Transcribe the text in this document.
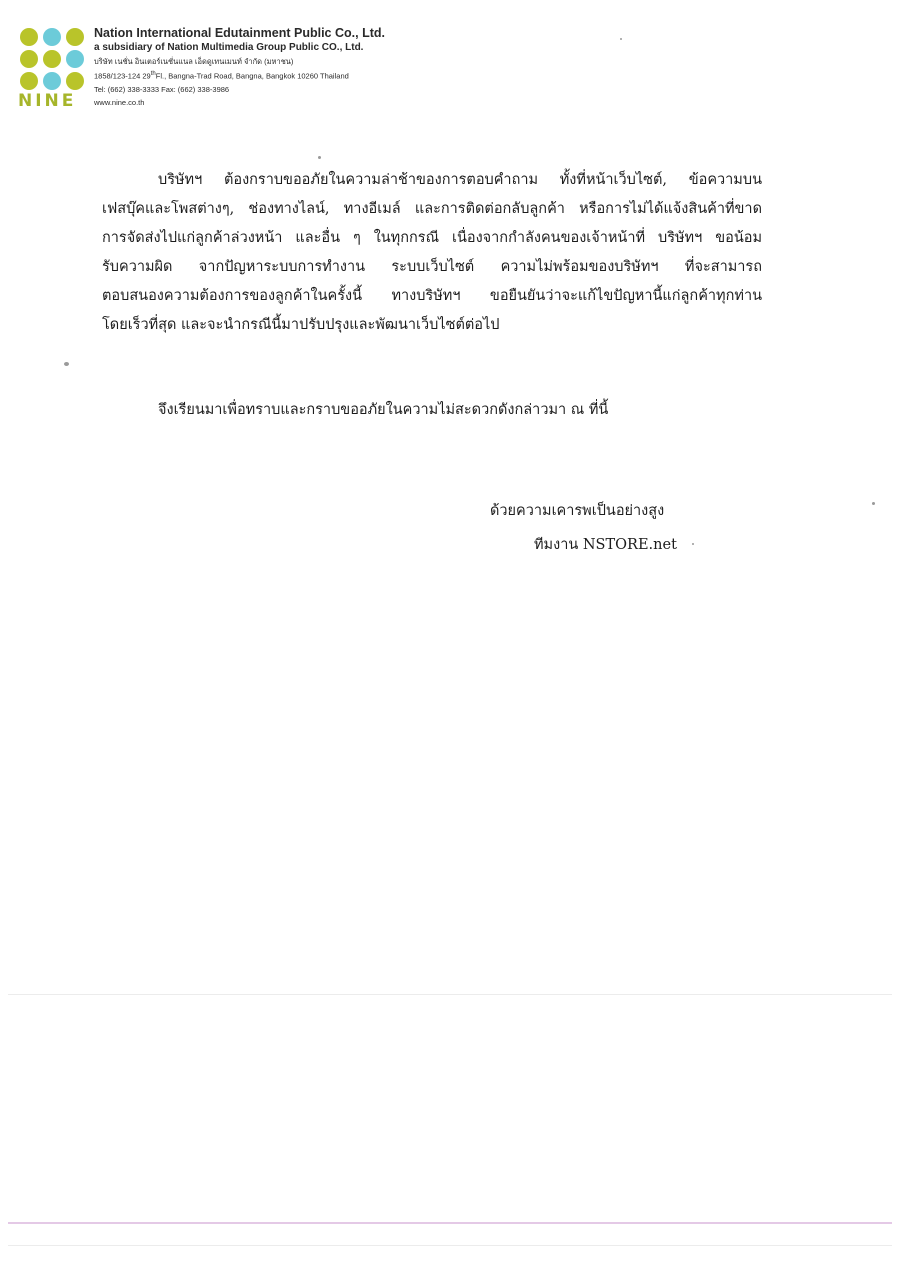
NINE
Nation International Edutainment Public Co., Ltd.
a subsidiary of Nation Multimedia Group Public CO., Ltd.
บริษัท เนชั่น อินเตอร์เนชั่นแนล เอ็ดดูเทนเมนท์ จำกัด (มหาชน)
1858/123-124 29thFl., Bangna-Trad Road, Bangna, Bangkok 10260 Thailand
Tel: (662) 338-3333 Fax: (662) 338-3986
www.nine.co.th
บริษัทฯ ต้องกราบขออภัยในความล่าช้าของการตอบคำถาม ทั้งที่หน้าเว็บไซต์, ข้อความบน
เฟสบุ๊คและโพสต่างๆ, ช่องทางไลน์, ทางอีเมล์ และการติดต่อกลับลูกค้า หรือการไม่ได้แจ้งสินค้าที่ขาด
การจัดส่งไปแก่ลูกค้าล่วงหน้า และอื่น ๆ ในทุกกรณี เนื่องจากกำลังคนของเจ้าหน้าที่ บริษัทฯ ขอน้อม
รับความผิด จากปัญหาระบบการทำงาน ระบบเว็บไซต์ ความไม่พร้อมของบริษัทฯ ที่จะสามารถ
ตอบสนองความต้องการของลูกค้าในครั้งนี้ ทางบริษัทฯ ขอยืนยันว่าจะแก้ไขปัญหานี้แก่ลูกค้าทุกท่าน
โดยเร็วที่สุด และจะนำกรณีนี้มาปรับปรุงและพัฒนาเว็บไซต์ต่อไป
จึงเรียนมาเพื่อทราบและกราบขออภัยในความไม่สะดวกดังกล่าวมา ณ ที่นี้
ด้วยความเคารพเป็นอย่างสูง
ทีมงาน NSTORE.net
